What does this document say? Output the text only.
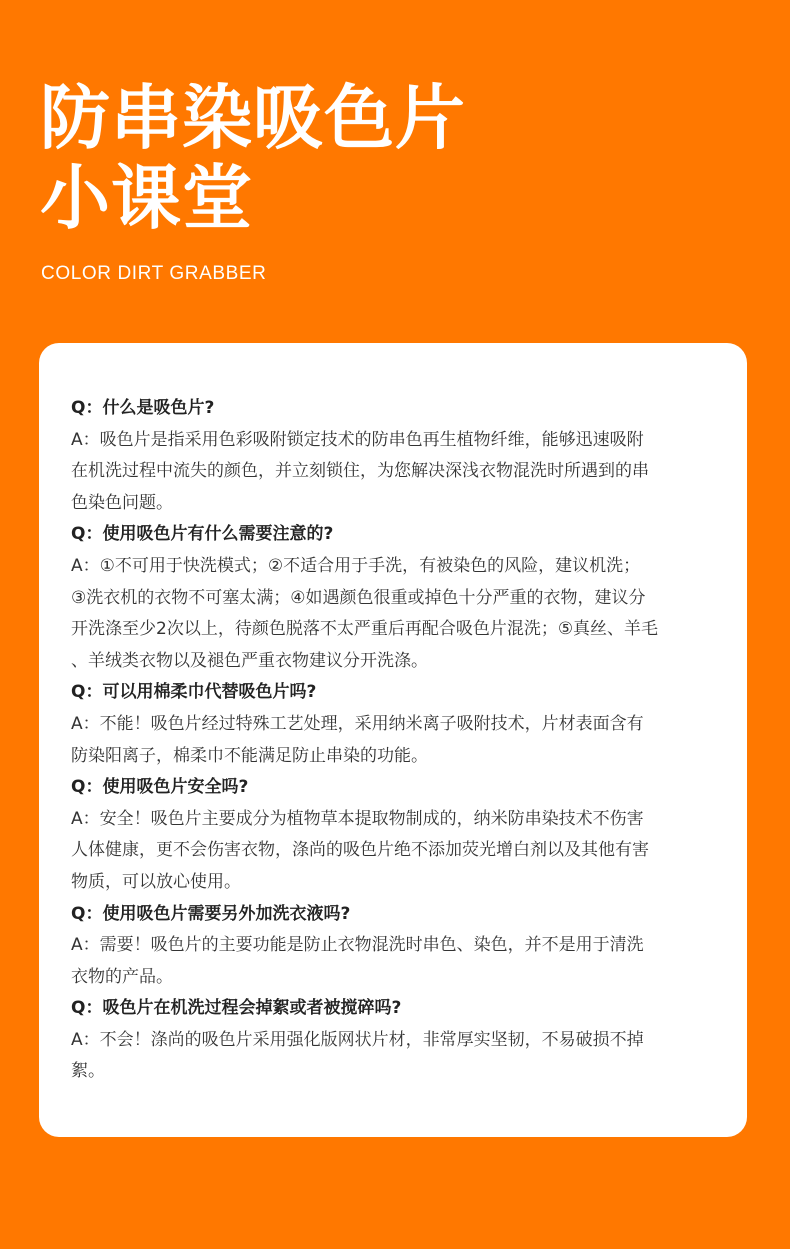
防串染吸色片
小课堂

COLOR DIRT GRABBER

Q：什么是吸色片?

A：吸色片是指采用色彩吸附锁定技术的防串色再生植物纤维，能够迅速吸附
在机洗过程中流失的颜色，并立刻锁住，为您解决深浅衣物混洗时所遇到的串
色染色问题。

Q：使用吸色片有什么需要注意的?

A：①不可用于快洗模式；②不适合用于手洗，有被染色的风险，建议机洗；
③洗衣机的衣物不可塞太满；④如遇颜色很重或掉色十分严重的衣物，建议分
开洗涤至少2次以上，待颜色脱落不太严重后再配合吸色片混洗；⑤真丝、羊毛
、羊绒类衣物以及褪色严重衣物建议分开洗涤。

Q：可以用棉柔巾代替吸色片吗?

A：不能！吸色片经过特殊工艺处理，采用纳米离子吸附技术，片材表面含有
防染阳离子，棉柔巾不能满足防止串染的功能。

Q：使用吸色片安全吗?

A：安全！吸色片主要成分为植物草本提取物制成的，纳米防串染技术不伤害
人体健康，更不会伤害衣物，涤尚的吸色片绝不添加荧光增白剂以及其他有害
物质，可以放心使用。

Q：使用吸色片需要另外加洗衣液吗?

A：需要！吸色片的主要功能是防止衣物混洗时串色、染色，并不是用于清洗
衣物的产品。

Q：吸色片在机洗过程会掉絮或者被搅碎吗?

A：不会！涤尚的吸色片采用强化版网状片材，非常厚实坚韧，不易破损不掉
絮。
